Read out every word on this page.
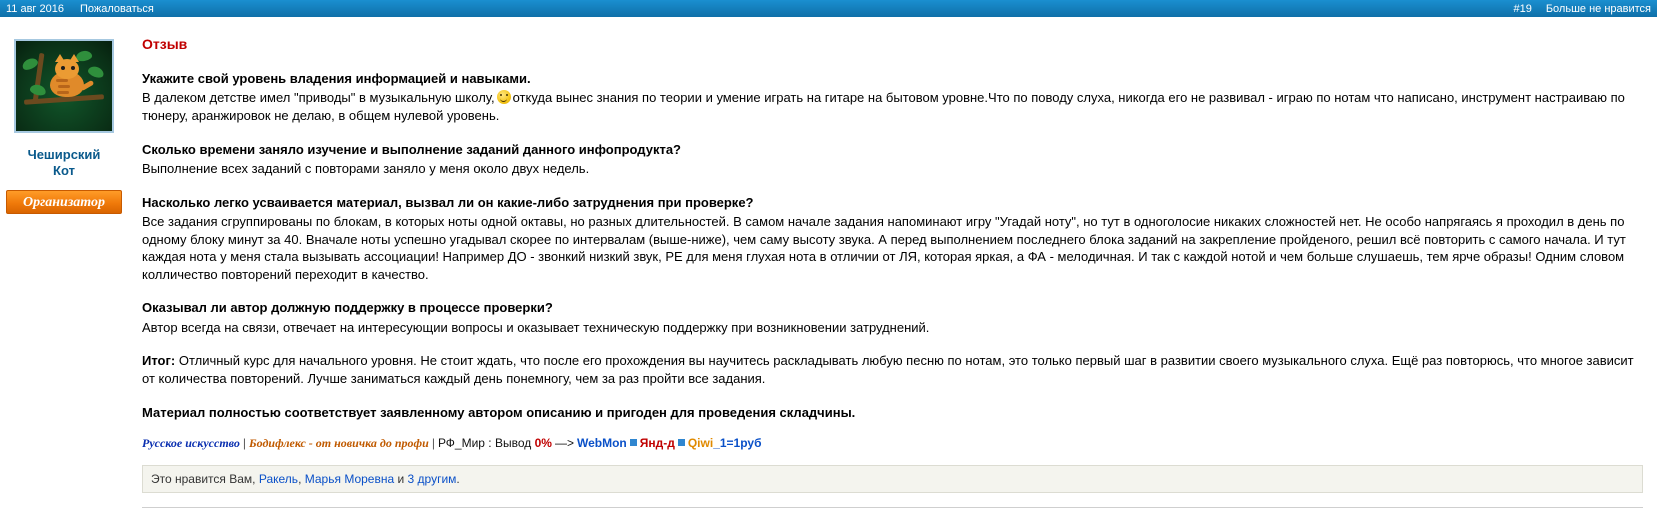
11 авг 2016 Пожаловаться	#19 Больше не нравится
Чеширский
Кот
Организатор
Отзыв
Укажите свой уровень владения информацией и навыками.
В далеком детстве имел "приводы" в музыкальную школу, откуда вынес знания по теории и умение играть на гитаре на бытовом уровне.Что по поводу слуха, никогда его не развивал - играю по нотам что написано, инструмент настраиваю по тюнеру, аранжировок не делаю, в общем нулевой уровень.
Сколько времени заняло изучение и выполнение заданий данного инфопродукта?
Выполнение всех заданий с повторами заняло у меня около двух недель.
Насколько легко усваивается материал, вызвал ли он какие-либо затруднения при проверке?
Все задания сгруппированы по блокам, в которых ноты одной октавы, но разных длительностей. В самом начале задания напоминают игру "Угадай ноту", но тут в одноголосие никаких сложностей нет. Не особо напрягаясь я проходил в день по одному блоку минут за 40. Вначале ноты успешно угадывал скорее по интервалам (выше-ниже), чем саму высоту звука. А перед выполнением последнего блока заданий на закрепление пройденого, решил всё повторить с самого начала. И тут каждая нота у меня стала вызывать ассоциации! Например ДО - звонкий низкий звук, РЕ для меня глухая нота в отличии от ЛЯ, которая яркая, а ФА - мелодичная. И так с каждой нотой и чем больше слушаешь, тем ярче образы! Одним словом колличество повторений переходит в качество.
Оказывал ли автор должную поддержку в процессе проверки?
Автор всегда на связи, отвечает на интересующии вопросы и оказывает техническую поддержку при возникновении затруднений.
Итог: Отличный курс для начального уровня. Не стоит ждать, что после его прохождения вы научитесь раскладывать любую песню по нотам, это только первый шаг в развитии своего музыкального слуха. Ещё раз повторюсь, что многое зависит от количества повторений. Лучше заниматься каждый день понемногу, чем за раз пройти все задания.
Материал полностью соответствует заявленному автором описанию и пригоден для проведения складчины.
Русское искусство | Бодифлекс - от новичка до профи | РФ_Мир : Вывод 0% —> WebMon Янд-д Qiwi_1=1руб
Это нравится Вам, Ракель, Марья Моревна и 3 другим.
